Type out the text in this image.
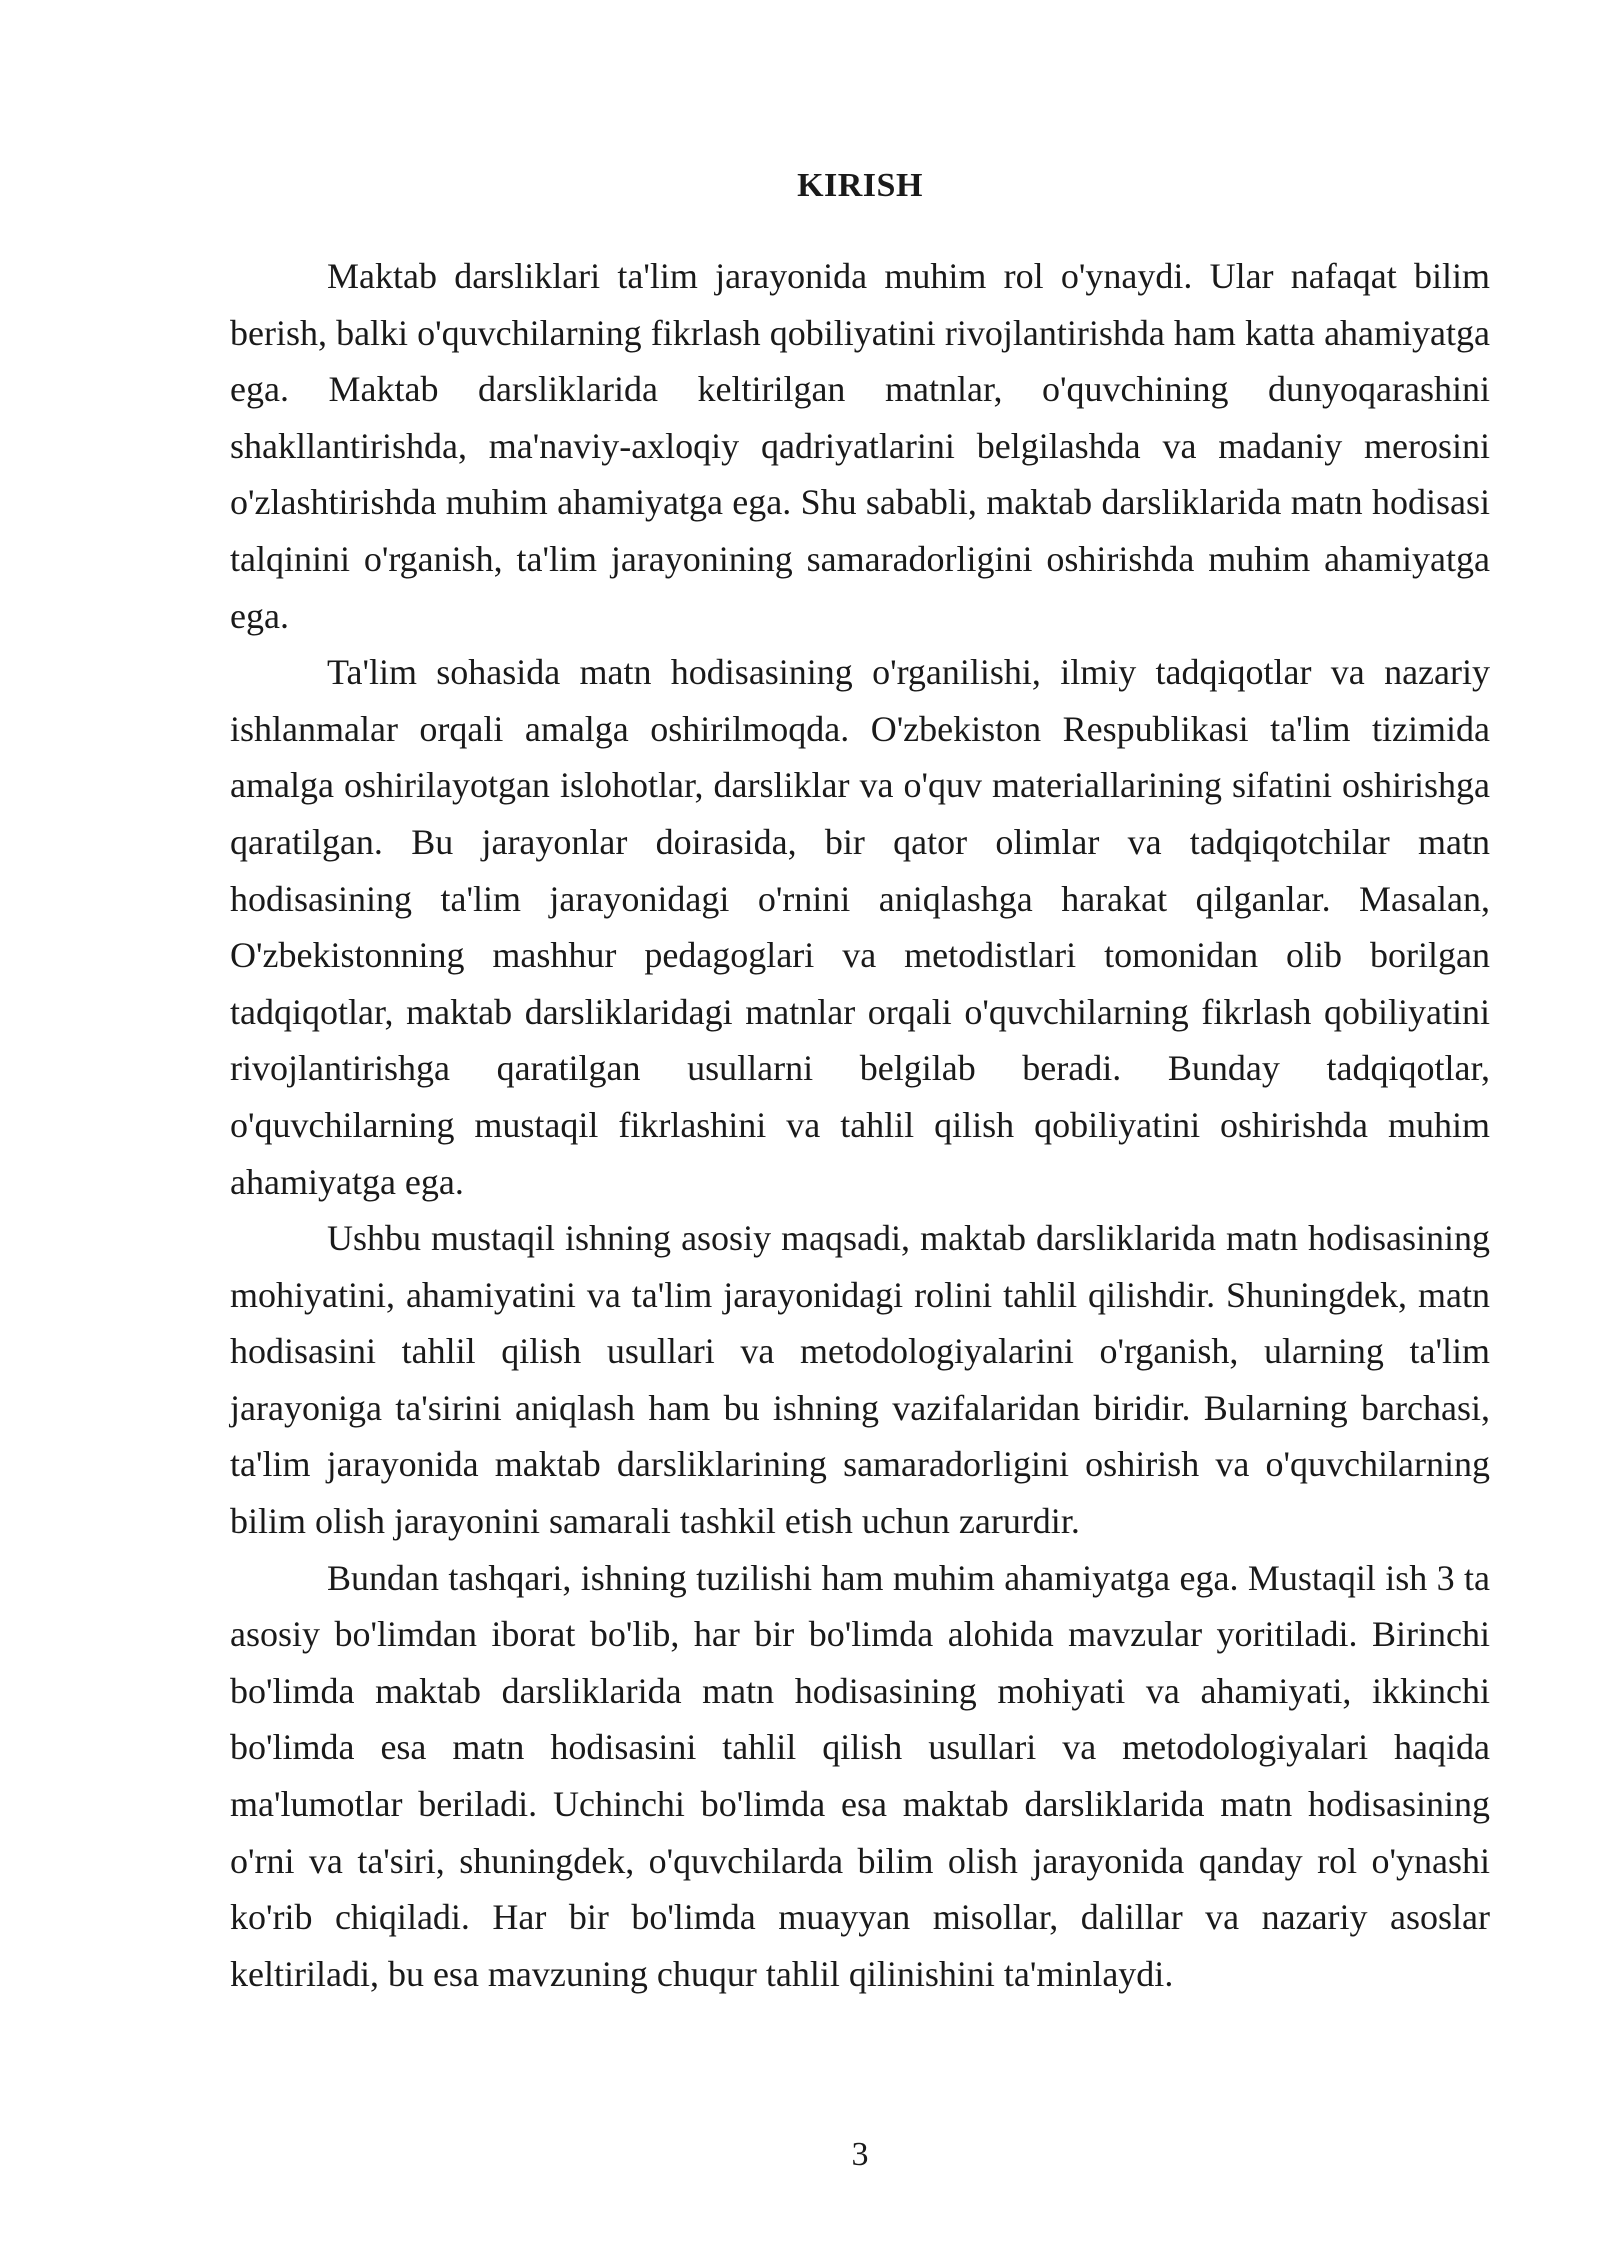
KIRISH

Maktab darsliklari ta'lim jarayonida muhim rol o'ynaydi. Ular nafaqat bilim berish, balki o'quvchilarning fikrlash qobiliyatini rivojlantirishda ham katta ahamiyatga ega. Maktab darsliklarida keltirilgan matnlar, o'quvchining dunyoqarashini shakllantirishda, ma'naviy-axloqiy qadriyatlarini belgilashda va madaniy merosini o'zlashtirishda muhim ahamiyatga ega. Shu sababli, maktab darsliklarida matn hodisasi talqinini o'rganish, ta'lim jarayonining samaradorligini oshirishda muhim ahamiyatga ega.

Ta'lim sohasida matn hodisasining o'rganilishi, ilmiy tadqiqotlar va nazariy ishlanmalar orqali amalga oshirilmoqda. O'zbekiston Respublikasi ta'lim tizimida amalga oshirilayotgan islohotlar, darsliklar va o'quv materiallarining sifatini oshirishga qaratilgan. Bu jarayonlar doirasida, bir qator olimlar va tadqiqotchilar matn hodisasining ta'lim jarayonidagi o'rnini aniqlashga harakat qilganlar. Masalan, O'zbekistonning mashhur pedagoglari va metodistlari tomonidan olib borilgan tadqiqotlar, maktab darsliklaridagi matnlar orqali o'quvchilarning fikrlash qobiliyatini rivojlantirishga qaratilgan usullarni belgilab beradi. Bunday tadqiqotlar, o'quvchilarning mustaqil fikrlashini va tahlil qilish qobiliyatini oshirishda muhim ahamiyatga ega.

Ushbu mustaqil ishning asosiy maqsadi, maktab darsliklarida matn hodisasining mohiyatini, ahamiyatini va ta'lim jarayonidagi rolini tahlil qilishdir. Shuningdek, matn hodisasini tahlil qilish usullari va metodologiyalarini o'rganish, ularning ta'lim jarayoniga ta'sirini aniqlash ham bu ishning vazifalaridan biridir. Bularning barchasi, ta'lim jarayonida maktab darsliklarining samaradorligini oshirish va o'quvchilarning bilim olish jarayonini samarali tashkil etish uchun zarurdir.

Bundan tashqari, ishning tuzilishi ham muhim ahamiyatga ega. Mustaqil ish 3 ta asosiy bo'limdan iborat bo'lib, har bir bo'limda alohida mavzular yoritiladi. Birinchi bo'limda maktab darsliklarida matn hodisasining mohiyati va ahamiyati, ikkinchi bo'limda esa matn hodisasini tahlil qilish usullari va metodologiyalari haqida ma'lumotlar beriladi. Uchinchi bo'limda esa maktab darsliklarida matn hodisasining o'rni va ta'siri, shuningdek, o'quvchilarda bilim olish jarayonida qanday rol o'ynashi ko'rib chiqiladi. Har bir bo'limda muayyan misollar, dalillar va nazariy asoslar keltiriladi, bu esa mavzuning chuqur tahlil qilinishini ta'minlaydi.

3
